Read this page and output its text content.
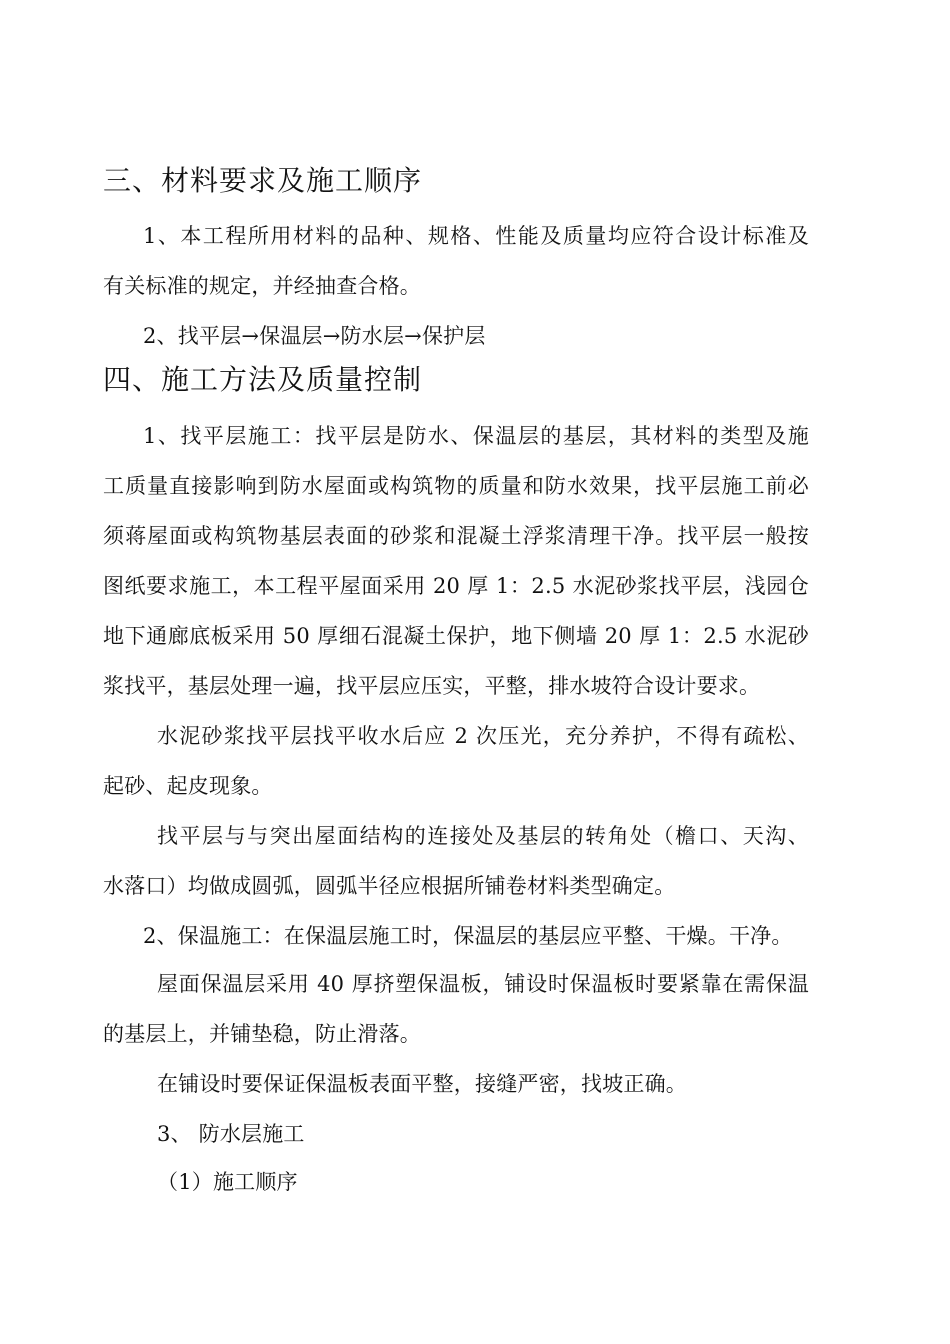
三、材料要求及施工顺序
1、本工程所用材料的品种、规格、性能及质量均应符合设计标准及
有关标准的规定，并经抽查合格。
2、找平层→保温层→防水层→保护层
四、施工方法及质量控制
1、找平层施工：找平层是防水、保温层的基层，其材料的类型及施
工质量直接影响到防水屋面或构筑物的质量和防水效果，找平层施工前必
须蒋屋面或构筑物基层表面的砂浆和混凝土浮浆清理干净。找平层一般按
图纸要求施工，本工程平屋面采用 20 厚 1：2.5 水泥砂浆找平层，浅园仓
地下通廊底板采用 50 厚细石混凝土保护，地下侧墙 20 厚 1：2.5 水泥砂
浆找平，基层处理一遍，找平层应压实，平整，排水坡符合设计要求。
水泥砂浆找平层找平收水后应 2 次压光，充分养护，不得有疏松、
起砂、起皮现象。
找平层与与突出屋面结构的连接处及基层的转角处（檐口、天沟、
水落口）均做成圆弧，圆弧半径应根据所铺卷材料类型确定。
2、保温施工：在保温层施工时，保温层的基层应平整、干燥。干净。
屋面保温层采用 40 厚挤塑保温板，铺设时保温板时要紧靠在需保温
的基层上，并铺垫稳，防止滑落。
在铺设时要保证保温板表面平整，接缝严密，找坡正确。
3、 防水层施工
（1）施工顺序
